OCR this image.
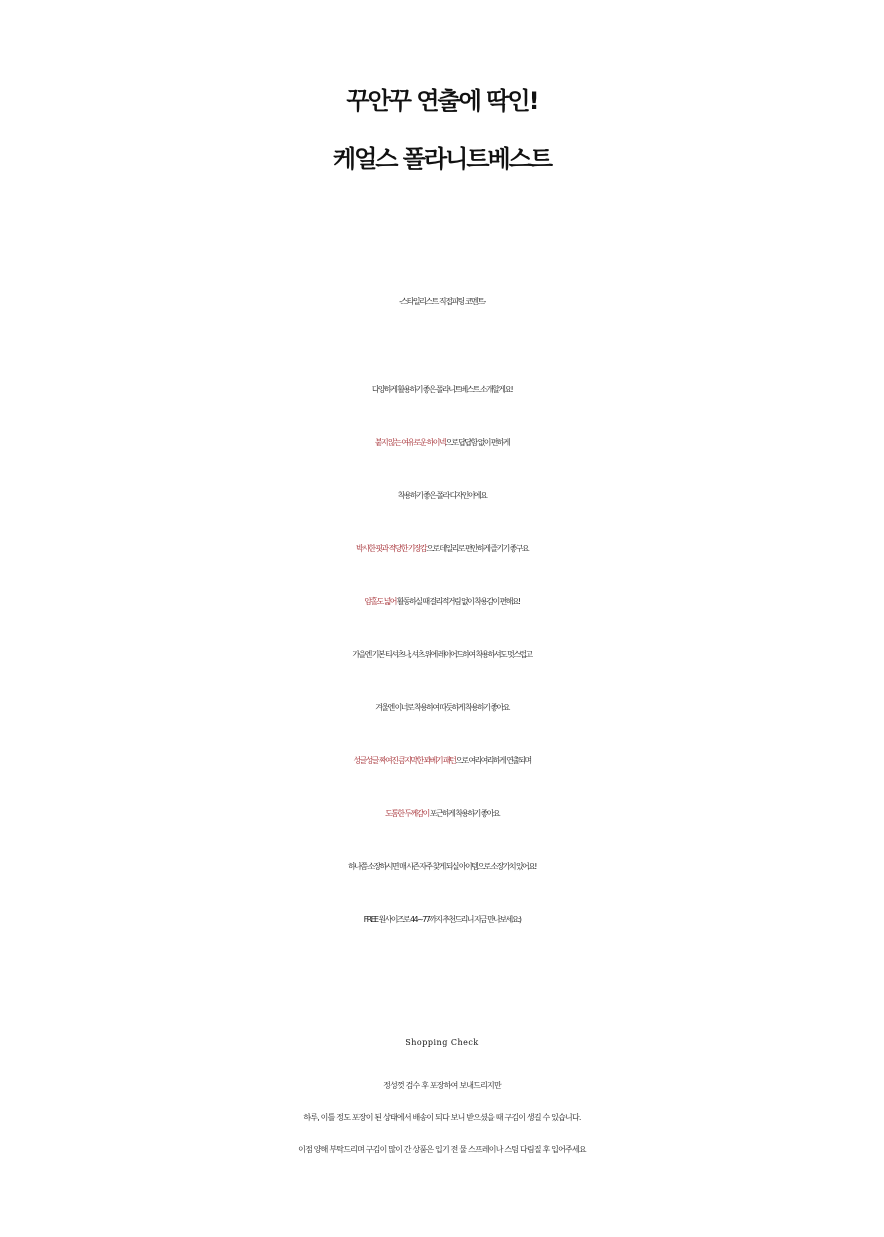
꾸안꾸 연출에 딱인!
케얼스 폴라니트베스트
-스타일리스트 직접피팅 코멘트-
다양하게 활용하기 좋은 폴라니트베스트 소개할게요!
붙지 않는 여유로운 하이넥으로 답답함 없이 편하게
착용하기 좋은 폴라 디자인이에요
박시한 핏과 적당한 기장감으로 데일리로 편안하게 즐기기 좋구요
암홀도 넓어 활동하실 때 걸리적거림 없이 착용감이 편해요!
가을엔 기본 티셔츠나, 셔츠 위에 레이어드하여 착용하셔도 멋스럽고
겨울엔 이너로 착용하여 따듯하게 착용하기 좋아요
성글성글 짜여진 큼지막한 꽈베기 패턴으로 여리여리하게 연출되며
도톰한 두께감이 포근하게 착용하기 좋아요
하나쯤 소장하시면 매 시즌 자주 찾게 되실 아이템으로 소장가치 있어요!
FREE 원사이즈로 44~77까지 추천드리니 지금 만나보세요:)
Shopping Check
정성껏 검수 후 포장하여 보내드리지만
하루, 이틀 정도 포장이 된 상태에서 배송이 되다 보니 받으셨을 때 구김이 생길 수 있습니다.
이점 양해 부탁드리며 구김이 많이 간 상품은 입기 전 물 스프레이나 스팀 다림질 후 입어주세요
